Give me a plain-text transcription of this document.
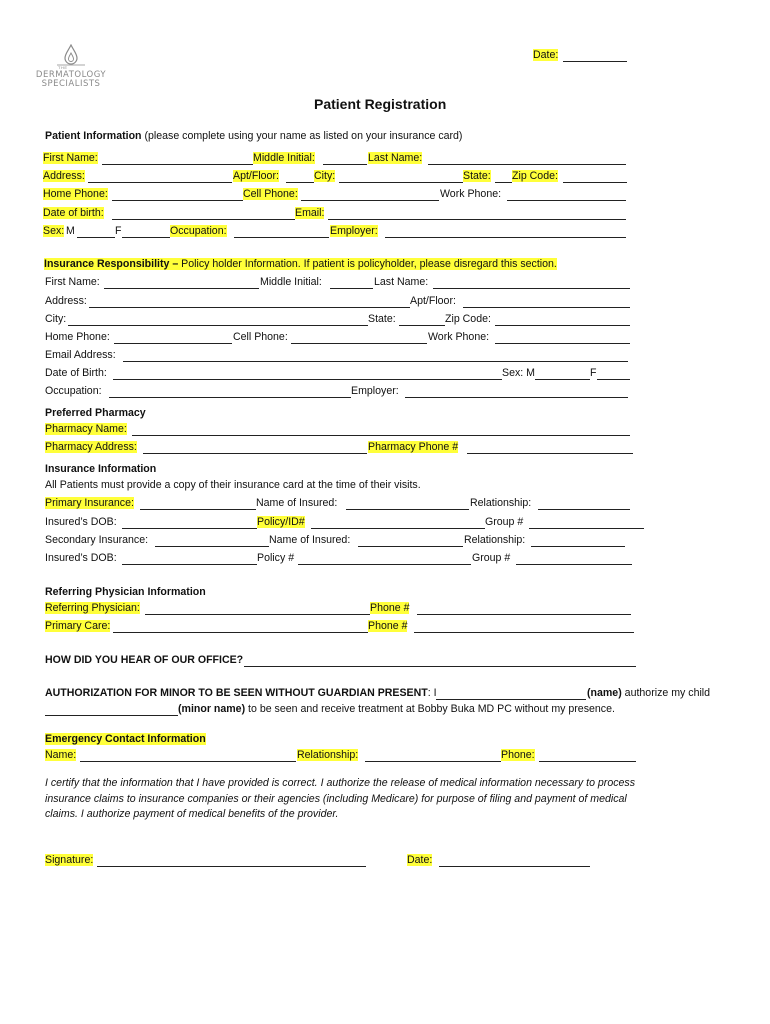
THE
DERMATOLOGY
SPECIALISTS
Date:
Patient Registration
Patient Information (please complete using your name as listed on your insurance card)
First Name:	Middle Initial:	Last Name:
Address:	Apt/Floor:	City:	State: Zip Code:
Home Phone:	Cell Phone:	Work Phone:
Date of birth:	Email:
Sex: M	F	Occupation:	Employer:
Insurance Responsibility – Policy holder Information. If patient is policyholder, please disregard this section.
First Name:	Middle Initial:	Last Name:
Address:	Apt/Floor:
City:	State:	Zip Code:
Home Phone:	Cell Phone:	Work Phone:
Email Address:
Date of Birth:	Sex: M	F
Occupation:	Employer:
Preferred Pharmacy
Pharmacy Name:
Pharmacy Address:	Pharmacy Phone #
Insurance Information
All Patients must provide a copy of their insurance card at the time of their visits.
Primary Insurance:	Name of Insured:	Relationship:
Insured’s DOB:	Policy/ID#	Group #
Secondary Insurance:	Name of Insured:	Relationship:
Insured’s DOB:	Policy #	Group #
Referring Physician Information
Referring Physician:	Phone #
Primary Care:	Phone #
HOW DID YOU HEAR OF OUR OFFICE?
AUTHORIZATION FOR MINOR TO BE SEEN WITHOUT GUARDIAN PRESENT: I	(name) authorize my child
(minor name) to be seen and receive treatment at Bobby Buka MD PC without my presence.
Emergency Contact Information
Name:	Relationship:	Phone:
I certify that the information that I have provided is correct. I authorize the release of medical information necessary to process insurance claims to insurance companies or their agencies (including Medicare) for purpose of filing and payment of medical claims. I authorize payment of medical benefits of the provider.
Signature:	Date:
